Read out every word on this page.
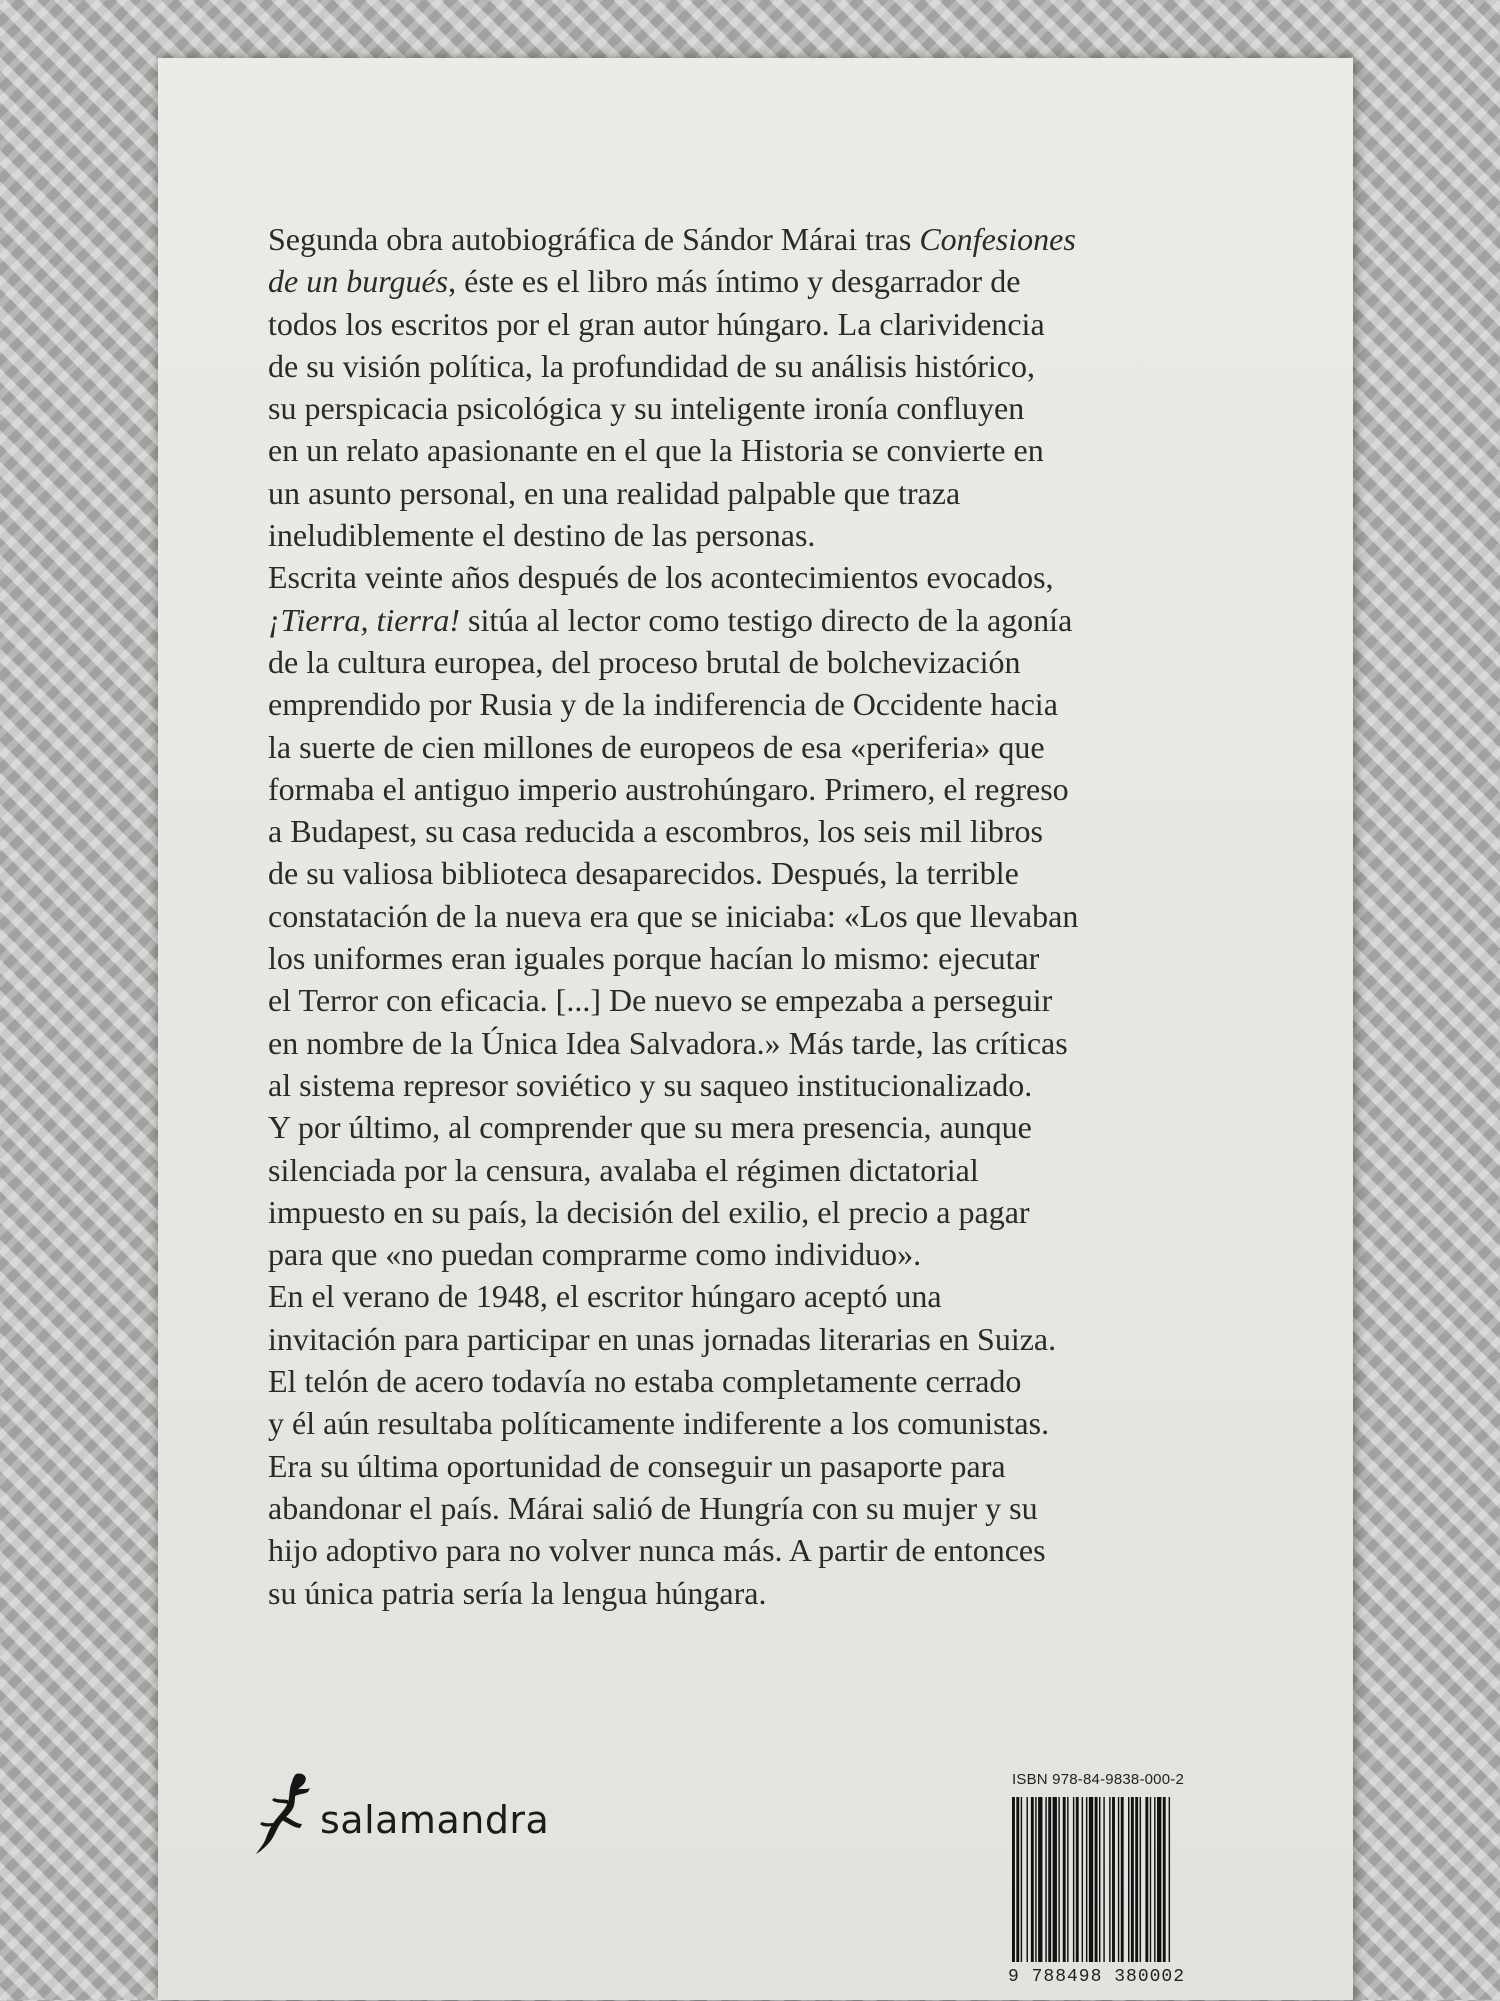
Segunda obra autobiográfica de Sándor Márai tras Confesiones
de un burgués, éste es el libro más íntimo y desgarrador de
todos los escritos por el gran autor húngaro. La clarividencia
de su visión política, la profundidad de su análisis histórico,
su perspicacia psicológica y su inteligente ironía confluyen
en un relato apasionante en el que la Historia se convierte en
un asunto personal, en una realidad palpable que traza
ineludiblemente el destino de las personas.

Escrita veinte años después de los acontecimientos evocados,
¡Tierra, tierra! sitúa al lector como testigo directo de la agonía
de la cultura europea, del proceso brutal de bolchevización
emprendido por Rusia y de la indiferencia de Occidente hacia
la suerte de cien millones de europeos de esa «periferia» que
formaba el antiguo imperio austrohúngaro. Primero, el regreso
a Budapest, su casa reducida a escombros, los seis mil libros
de su valiosa biblioteca desaparecidos. Después, la terrible
constatación de la nueva era que se iniciaba: «Los que llevaban
los uniformes eran iguales porque hacían lo mismo: ejecutar
el Terror con eficacia. [...] De nuevo se empezaba a perseguir
en nombre de la Única Idea Salvadora.» Más tarde, las críticas
al sistema represor soviético y su saqueo institucionalizado.
Y por último, al comprender que su mera presencia, aunque
silenciada por la censura, avalaba el régimen dictatorial
impuesto en su país, la decisión del exilio, el precio a pagar
para que «no puedan comprarme como individuo».

En el verano de 1948, el escritor húngaro aceptó una
invitación para participar en unas jornadas literarias en Suiza.
El telón de acero todavía no estaba completamente cerrado
y él aún resultaba políticamente indiferente a los comunistas.
Era su última oportunidad de conseguir un pasaporte para
abandonar el país. Márai salió de Hungría con su mujer y su
hijo adoptivo para no volver nunca más. A partir de entonces
su única patria sería la lengua húngara.

salamandra
ISBN 978-84-9838-000-2
9 788498 380002
